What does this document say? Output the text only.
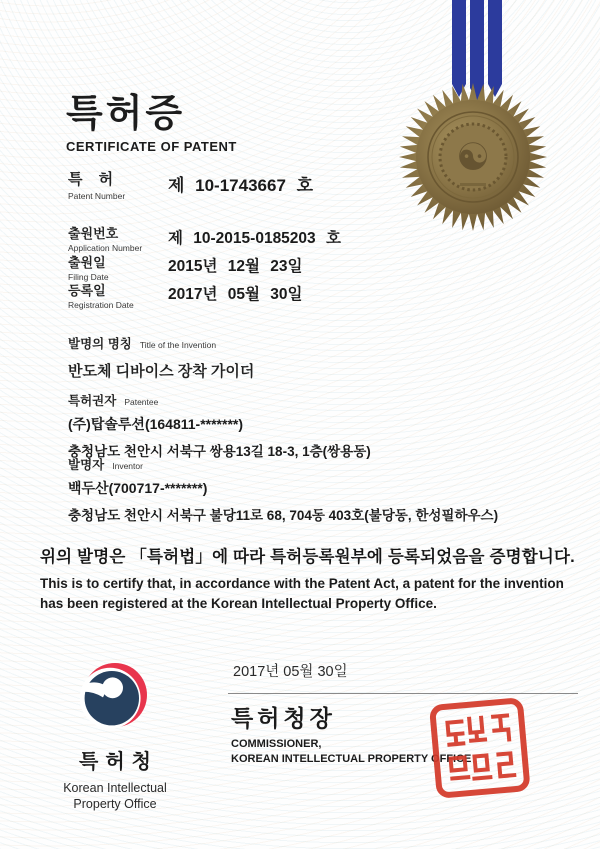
☯
특허증
CERTIFICATE OF PATENT
특 허
Patent Number
제 10-1743667 호
출원번호
Application Number
제 10-2015-0185203 호
출원일
Filing Date
2015년 12월 23일
등록일
Registration Date
2017년 05월 30일
발명의 명칭 Title of the Invention
반도체 디바이스 장착 가이더
특허권자 Patentee
(주)탑솔루션(164811-*******)
충청남도 천안시 서북구 쌍용13길 18-3, 1층(쌍용동)
발명자 Inventor
백두산(700717-*******)
충청남도 천안시 서북구 불당11로 68, 704동 403호(불당동, 한성필하우스)
위의 발명은 「특허법」에 따라 특허등록원부에 등록되었음을 증명합니다.
This is to certify that, in accordance with the Patent Act, a patent for the invention has been registered at the Korean Intellectual Property Office.
2017년 05월 30일
특허청장
COMMISSIONER,
KOREAN INTELLECTUAL PROPERTY OFFICE
특허청
Korean Intellectual
Property Office
